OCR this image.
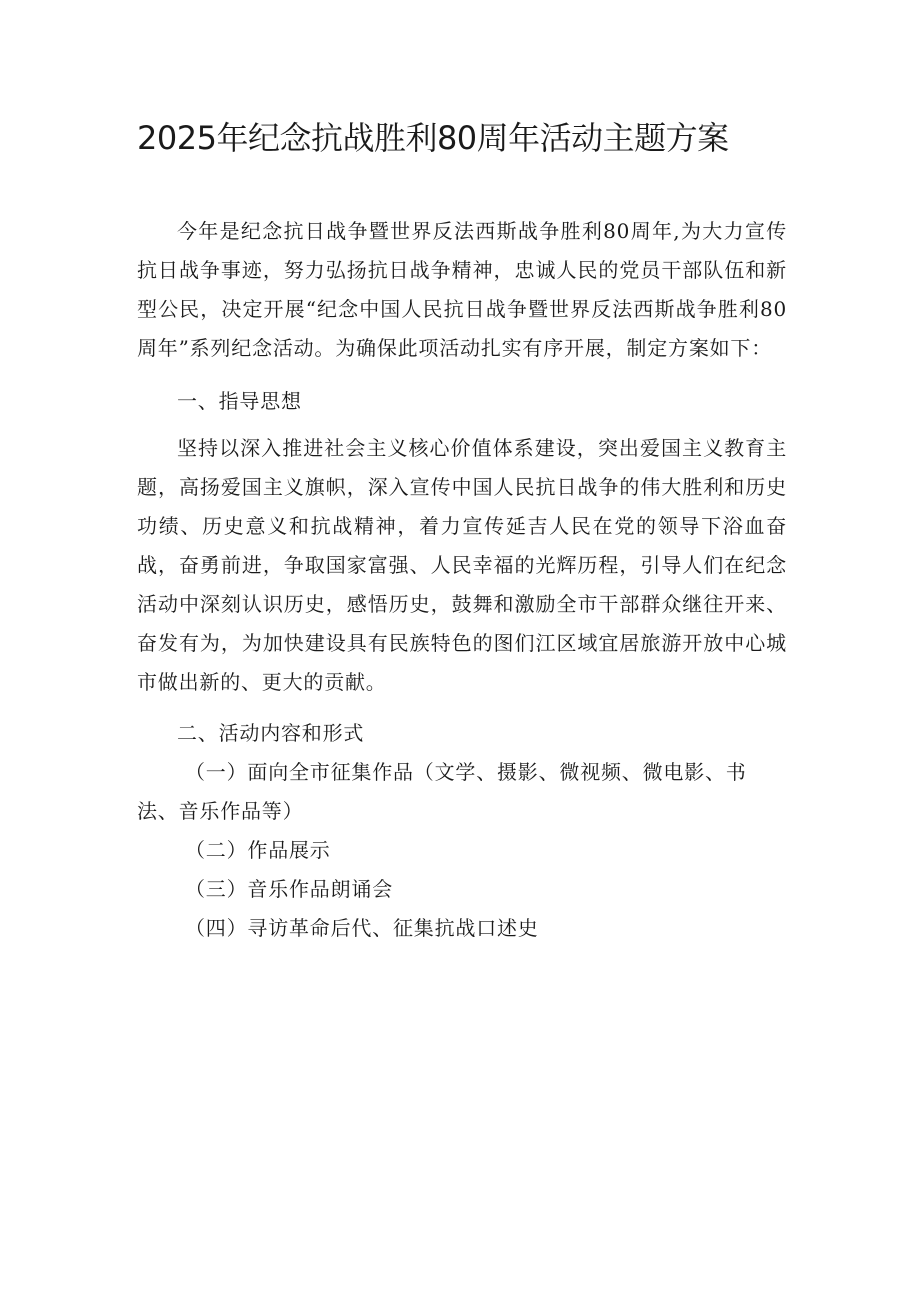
2025年纪念抗战胜利80周年活动主题方案

今年是纪念抗日战争暨世界反法西斯战争胜利80周年,为大力宣传抗日战争事迹，努力弘扬抗日战争精神，忠诚人民的党员干部队伍和新型公民，决定开展“纪念中国人民抗日战争暨世界反法西斯战争胜利80周年”系列纪念活动。为确保此项活动扎实有序开展，制定方案如下：

一、指导思想

坚持以深入推进社会主义核心价值体系建设，突出爱国主义教育主题，高扬爱国主义旗帜，深入宣传中国人民抗日战争的伟大胜利和历史功绩、历史意义和抗战精神，着力宣传延吉人民在党的领导下浴血奋战，奋勇前进，争取国家富强、人民幸福的光辉历程，引导人们在纪念活动中深刻认识历史，感悟历史，鼓舞和激励全市干部群众继往开来、奋发有为，为加快建设具有民族特色的图们江区域宜居旅游开放中心城市做出新的、更大的贡献。

二、活动内容和形式

（一）面向全市征集作品（文学、摄影、微视频、微电影、书法、音乐作品等）

（二）作品展示

（三）音乐作品朗诵会

（四）寻访革命后代、征集抗战口述史
